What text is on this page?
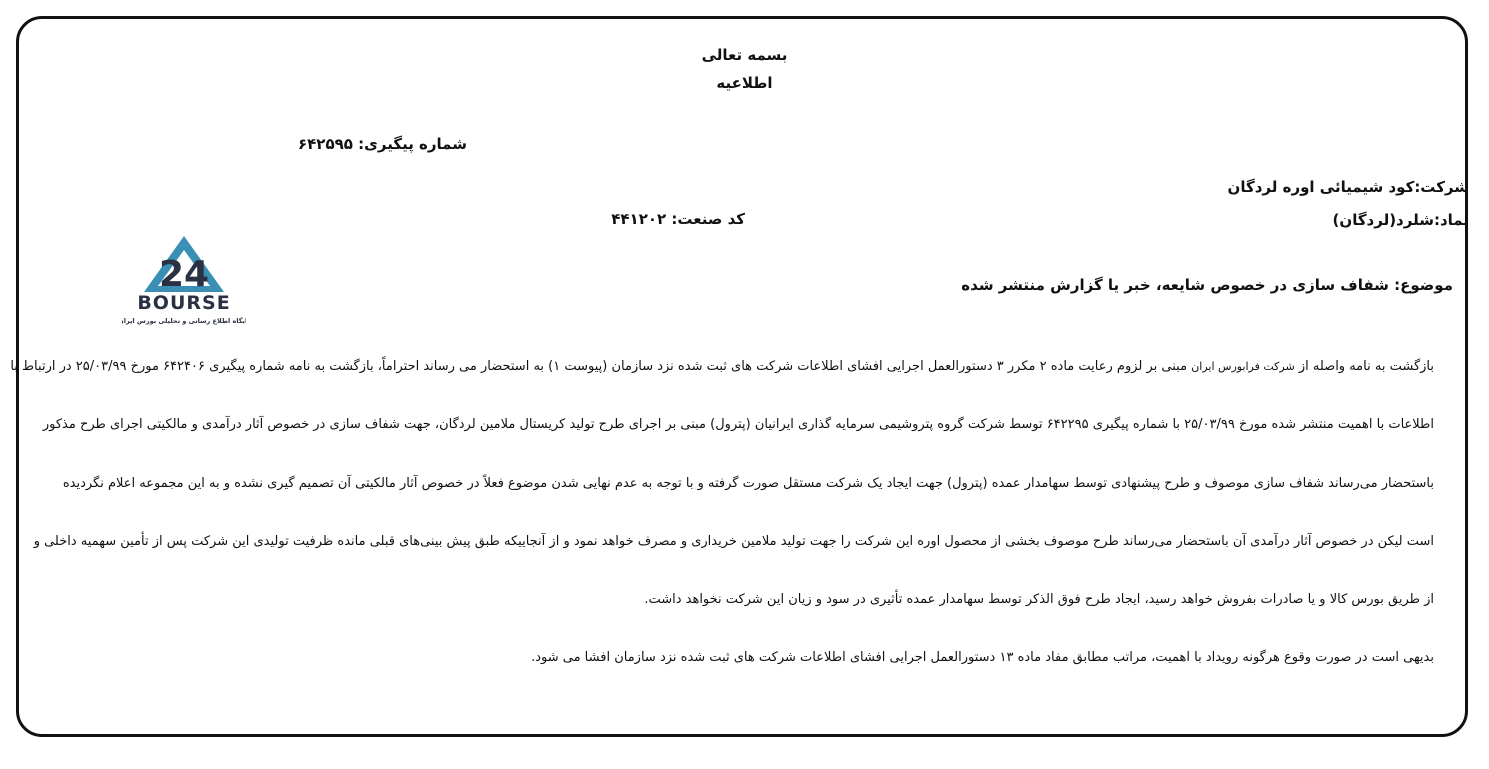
بسمه تعالی
اطلاعیه
شماره پیگیری: ۶۴۲۵۹۵
شرکت:کود شیمیائی اوره لردگان
نماد:شلرد(لردگان)
کد صنعت: ۴۴۱۲۰۲
موضوع: شفاف سازی در خصوص شایعه، خبر یا گزارش منتشر شده
24
BOURSE
پایگاه اطلاع رسانی و تحلیلی بورس ایران
بازگشت به نامه واصله از شرکت فرابورس ایران مبنی بر لزوم رعایت ماده ۲ مکرر ۳ دستورالعمل اجرایی افشای اطلاعات شرکت های ثبت شده نزد سازمان (پیوست ۱) به استحضار می رساند احتراماً، بازگشت به نامه شماره پیگیری ۶۴۲۴۰۶ مورخ ۲۵/۰۳/۹۹ در ارتباط با
اطلاعات با اهمیت منتشر شده مورخ ۲۵/۰۳/۹۹ با شماره پیگیری ۶۴۲۲۹۵ توسط شرکت گروه پتروشیمی سرمایه گذاری ایرانیان (پترول) مبنی بر اجرای طرح تولید کریستال ملامین لردگان، جهت شفاف سازی در خصوص آثار درآمدی و مالکیتی اجرای طرح مذکور
باستحضار می‌رساند شفاف سازی موصوف و طرح پیشنهادی توسط سهامدار عمده (پترول) جهت ایجاد یک شرکت مستقل صورت گرفته و با توجه به عدم نهایی شدن موضوع فعلاً در خصوص آثار مالکیتی آن تصمیم گیری نشده و به این مجموعه اعلام نگردیده
است لیکن در خصوص آثار درآمدی آن باستحضار می‌رساند طرح موصوف بخشی از محصول اوره این شرکت را جهت تولید ملامین خریداری و مصرف خواهد نمود و از آنجاییکه طبق پیش بینی‌های قبلی مانده ظرفیت تولیدی این شرکت پس از تأمین سهمیه داخلی و
از طریق بورس کالا و یا صادرات بفروش خواهد رسید، ایجاد طرح فوق الذکر توسط سهامدار عمده تأثیری در سود و زیان این شرکت نخواهد داشت.
بدیهی است در صورت وقوع هرگونه رویداد با اهمیت، مراتب مطابق مفاد ماده ۱۳ دستورالعمل اجرایی افشای اطلاعات شرکت های ثبت شده نزد سازمان افشا می شود.
